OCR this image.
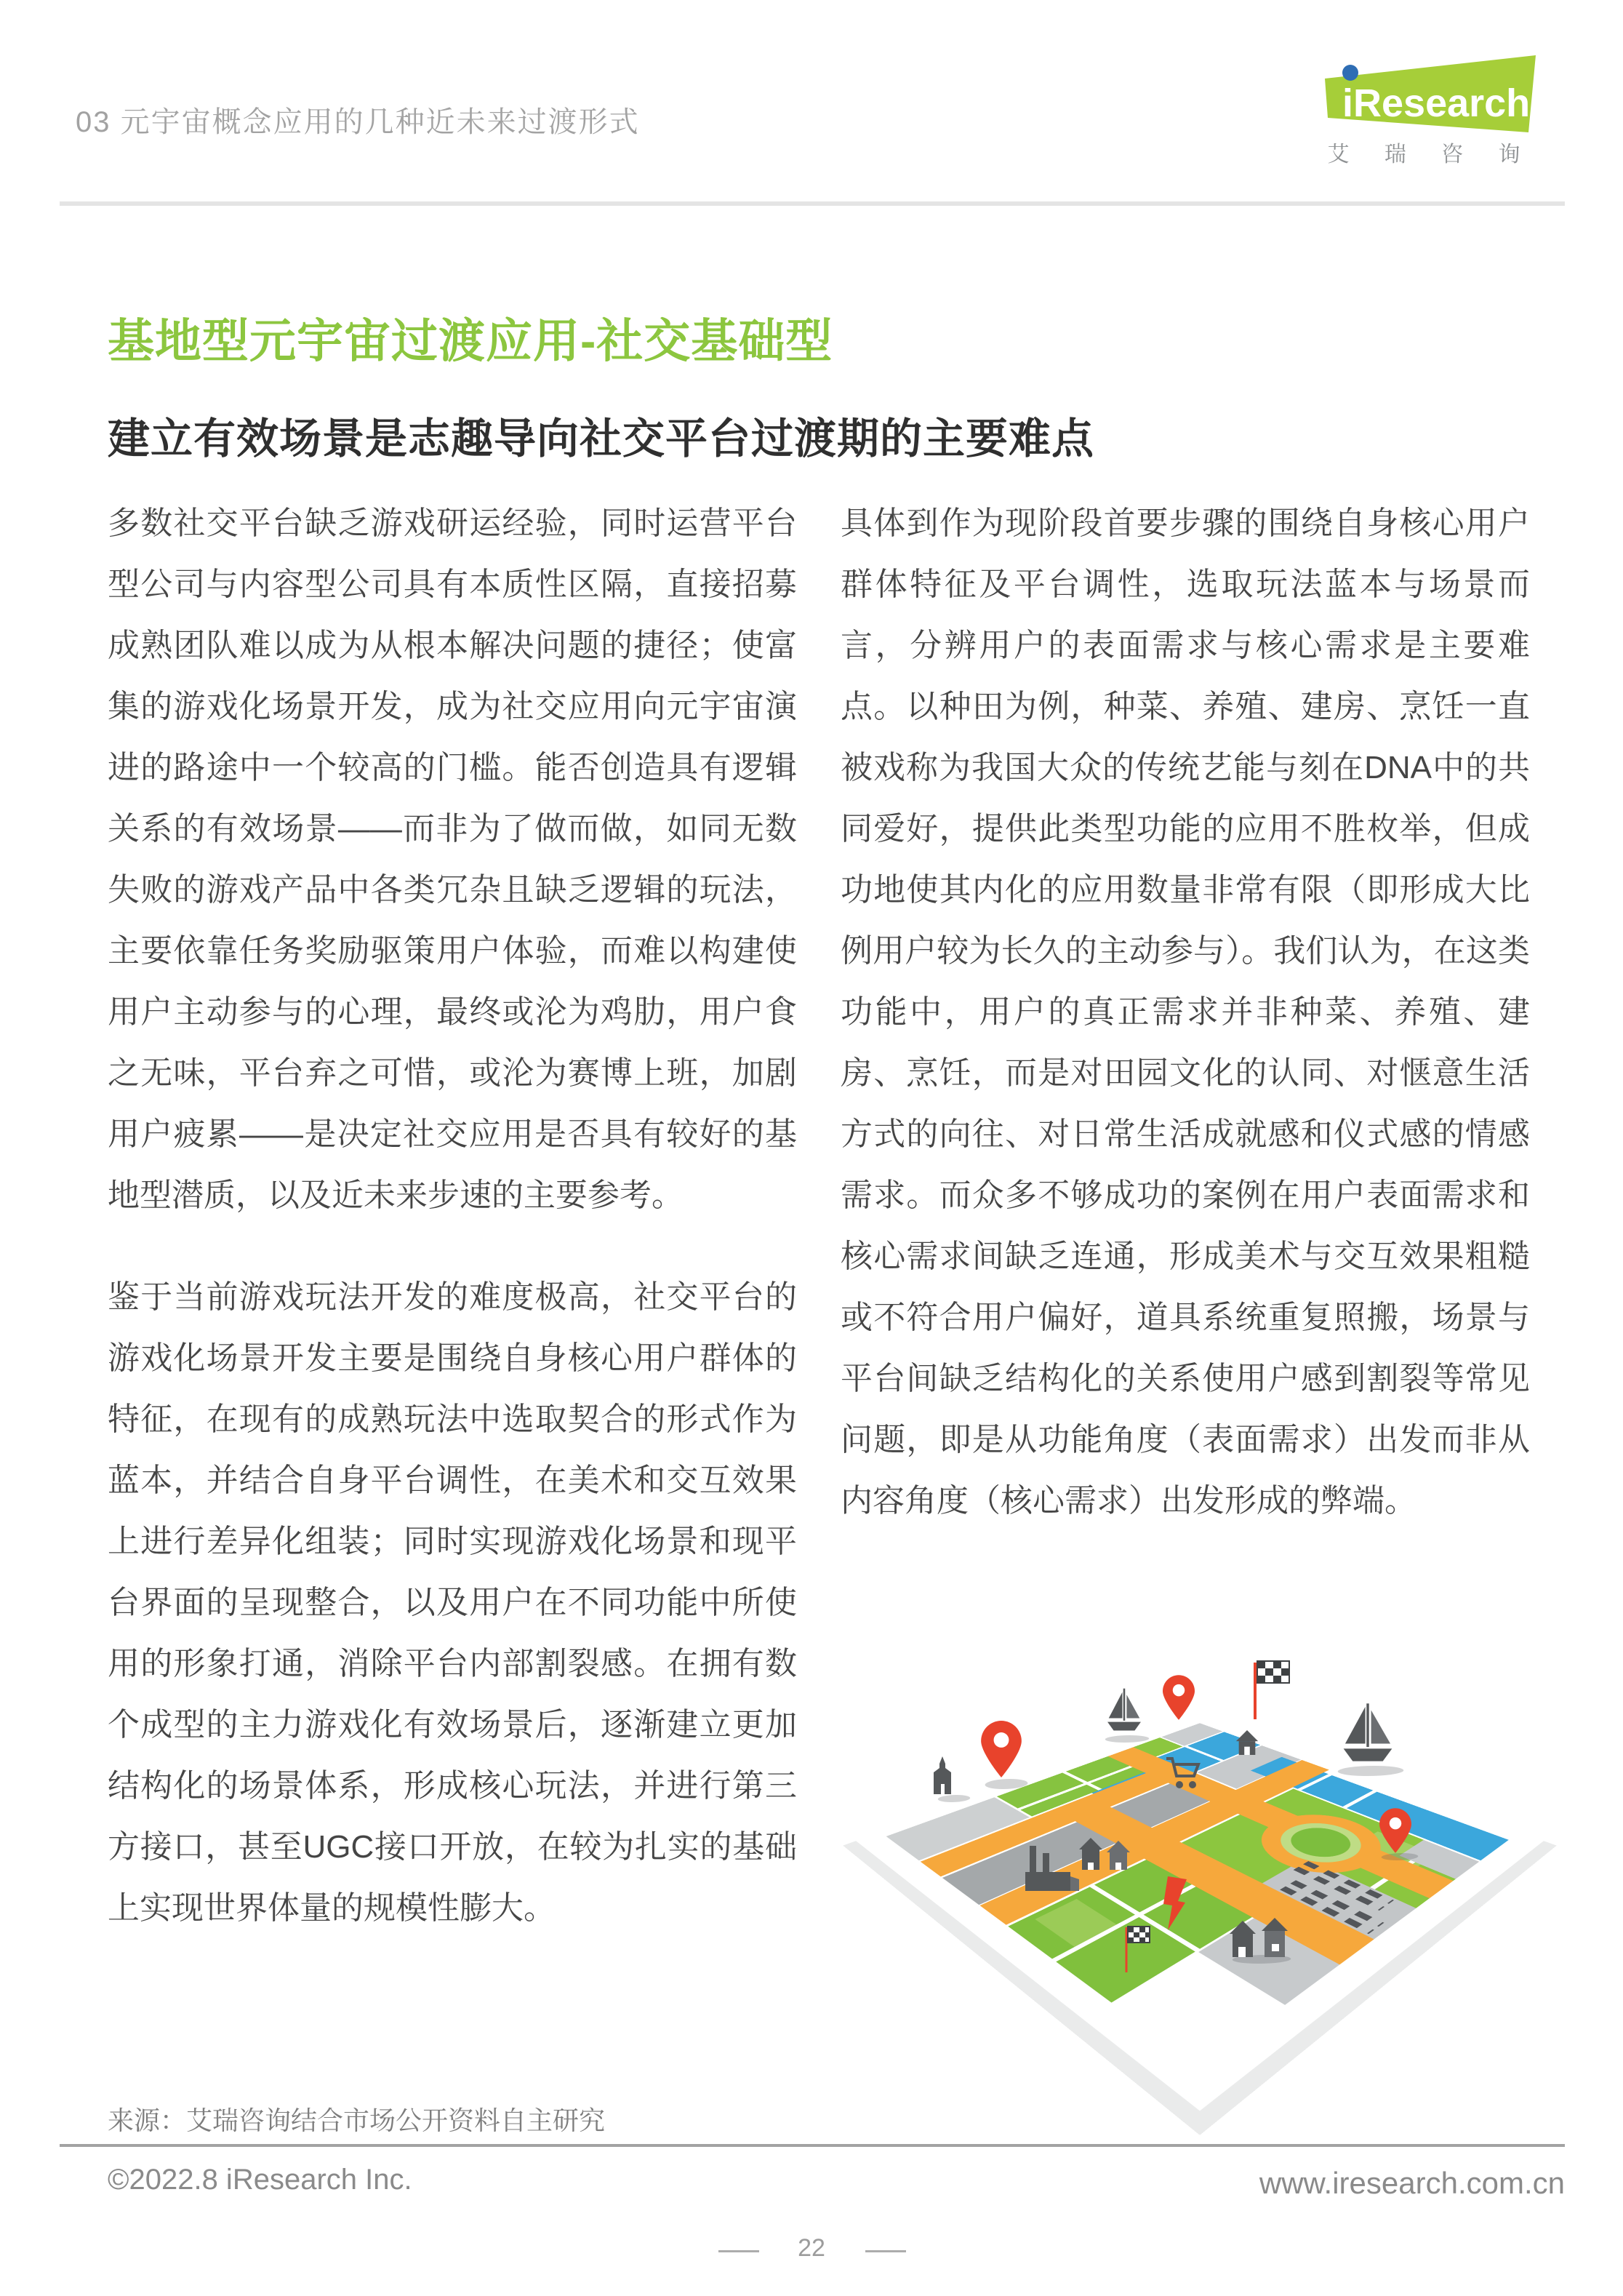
03 元宇宙概念应用的几种近未来过渡形式	iResearch
艾 瑞 咨 询
基地型元宇宙过渡应用-社交基础型
建立有效场景是志趣导向社交平台过渡期的主要难点

多数社交平台缺乏游戏研运经验，同时运营平台型公司与内容型公司具有本质性区隔，直接招募成熟团队难以成为从根本解决问题的捷径；使富集的游戏化场景开发，成为社交应用向元宇宙演进的路途中一个较高的门槛。能否创造具有逻辑关系的有效场景——而非为了做而做，如同无数失败的游戏产品中各类冗杂且缺乏逻辑的玩法，主要依靠任务奖励驱策用户体验，而难以构建使用户主动参与的心理，最终或沦为鸡肋，用户食之无味，平台弃之可惜，或沦为赛博上班，加剧用户疲累——是决定社交应用是否具有较好的基地型潜质，以及近未来步速的主要参考。

鉴于当前游戏玩法开发的难度极高，社交平台的游戏化场景开发主要是围绕自身核心用户群体的特征，在现有的成熟玩法中选取契合的形式作为蓝本，并结合自身平台调性，在美术和交互效果上进行差异化组装；同时实现游戏化场景和现平台界面的呈现整合，以及用户在不同功能中所使用的形象打通，消除平台内部割裂感。在拥有数个成型的主力游戏化有效场景后，逐渐建立更加结构化的场景体系，形成核心玩法，并进行第三方接口，甚至UGC接口开放，在较为扎实的基础上实现世界体量的规模性膨大。

具体到作为现阶段首要步骤的围绕自身核心用户群体特征及平台调性，选取玩法蓝本与场景而言，分辨用户的表面需求与核心需求是主要难点。以种田为例，种菜、养殖、建房、烹饪一直被戏称为我国大众的传统艺能与刻在DNA中的共同爱好，提供此类型功能的应用不胜枚举，但成功地使其内化的应用数量非常有限（即形成大比例用户较为长久的主动参与）。我们认为，在这类功能中，用户的真正需求并非种菜、养殖、建房、烹饪，而是对田园文化的认同、对惬意生活方式的向往、对日常生活成就感和仪式感的情感需求。而众多不够成功的案例在用户表面需求和核心需求间缺乏连通，形成美术与交互效果粗糙或不符合用户偏好，道具系统重复照搬，场景与平台间缺乏结构化的关系使用户感到割裂等常见问题，即是从功能角度（表面需求）出发而非从内容角度（核心需求）出发形成的弊端。

来源：艾瑞咨询结合市场公开资料自主研究
©2022.8 iResearch Inc.	www.iresearch.com.cn
22
